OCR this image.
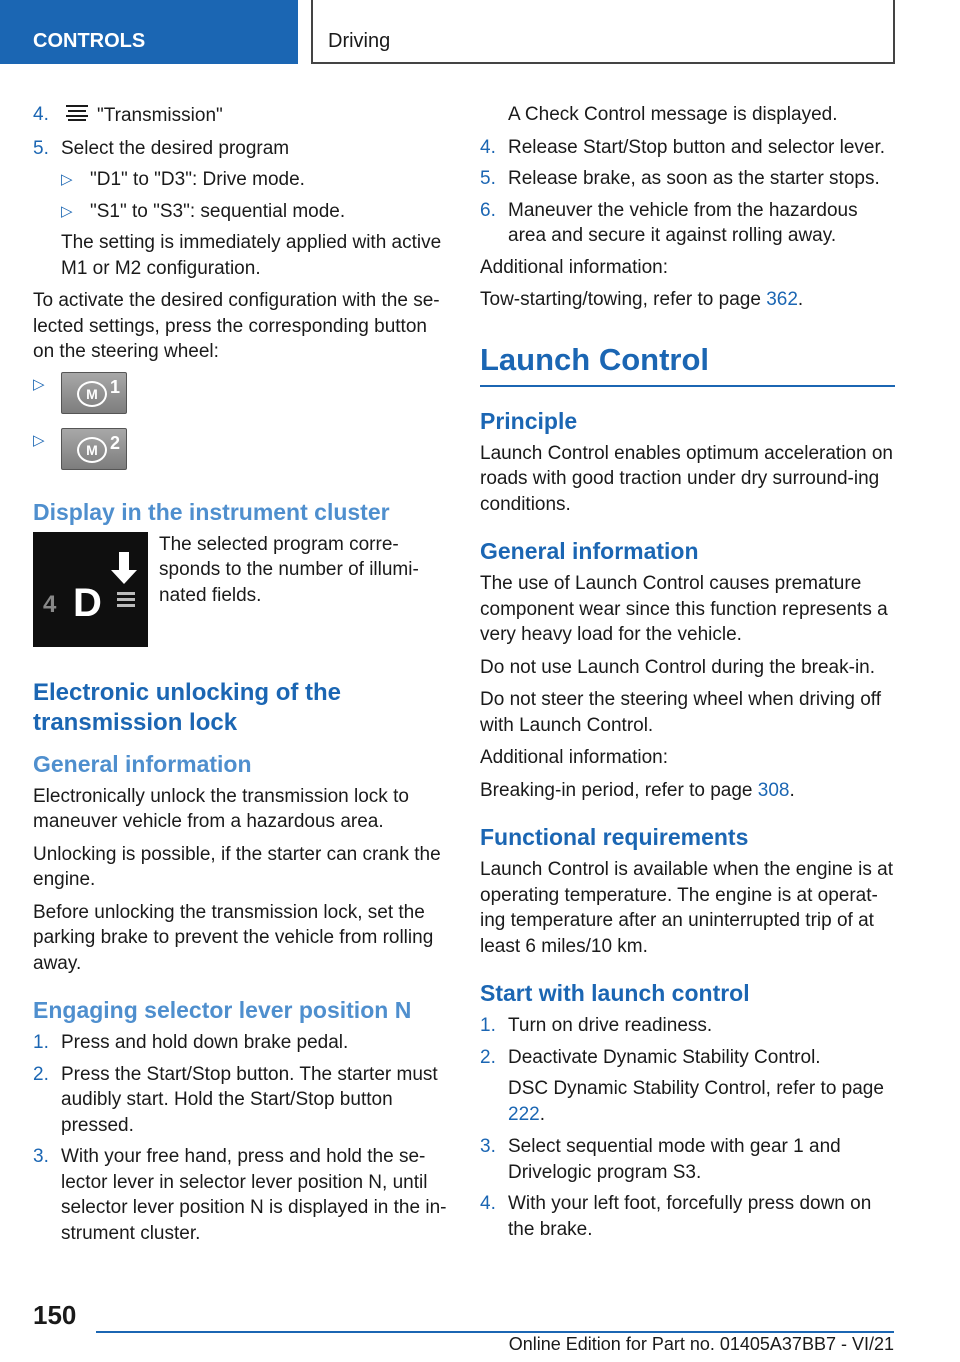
CONTROLS	Driving
4.	"Transmission"
5. Select the desired program
▷ "D1" to "D3": Drive mode.
▷ "S1" to "S3": sequential mode.

The setting is immediately applied with active M1 or M2 configuration.

To activate the desired configuration with the se-lected settings, press the corresponding button on the steering wheel:

▷
M 1
▷
M 2
Display in the instrument cluster
4 D
The selected program corre-sponds to the number of illumi-nated fields.
Electronic unlocking of the transmission lock
General information

Electronically unlock the transmission lock to maneuver vehicle from a hazardous area.

Unlocking is possible, if the starter can crank the engine.

Before unlocking the transmission lock, set the parking brake to prevent the vehicle from rolling away.

Engaging selector lever position N
1. Press and hold down brake pedal.
2. Press the Start/Stop button. The starter must audibly start. Hold the Start/Stop button pressed.
3. With your free hand, press and hold the se-lector lever in selector lever position N, until selector lever position N is displayed in the in-strument cluster.

A Check Control message is displayed.

4. Release Start/Stop button and selector lever.
5. Release brake, as soon as the starter stops.
6. Maneuver the vehicle from the hazardous area and secure it against rolling away.

Additional information:

Tow-starting/towing, refer to page 362.

Launch Control
Principle

Launch Control enables optimum acceleration on roads with good traction under dry surround-ing conditions.

General information

The use of Launch Control causes premature component wear since this function represents a very heavy load for the vehicle.

Do not use Launch Control during the break-in.

Do not steer the steering wheel when driving off with Launch Control.

Additional information:

Breaking-in period, refer to page 308.

Functional requirements

Launch Control is available when the engine is at operating temperature. The engine is at operat-ing temperature after an uninterrupted trip of at least 6 miles/10 km.

Start with launch control
1. Turn on drive readiness.
2. Deactivate Dynamic Stability Control.

DSC Dynamic Stability Control, refer to page 222.

3. Select sequential mode with gear 1 and Drivelogic program S3.
4. With your left foot, forcefully press down on the brake.
150
Online Edition for Part no. 01405A37BB7 - VI/21
